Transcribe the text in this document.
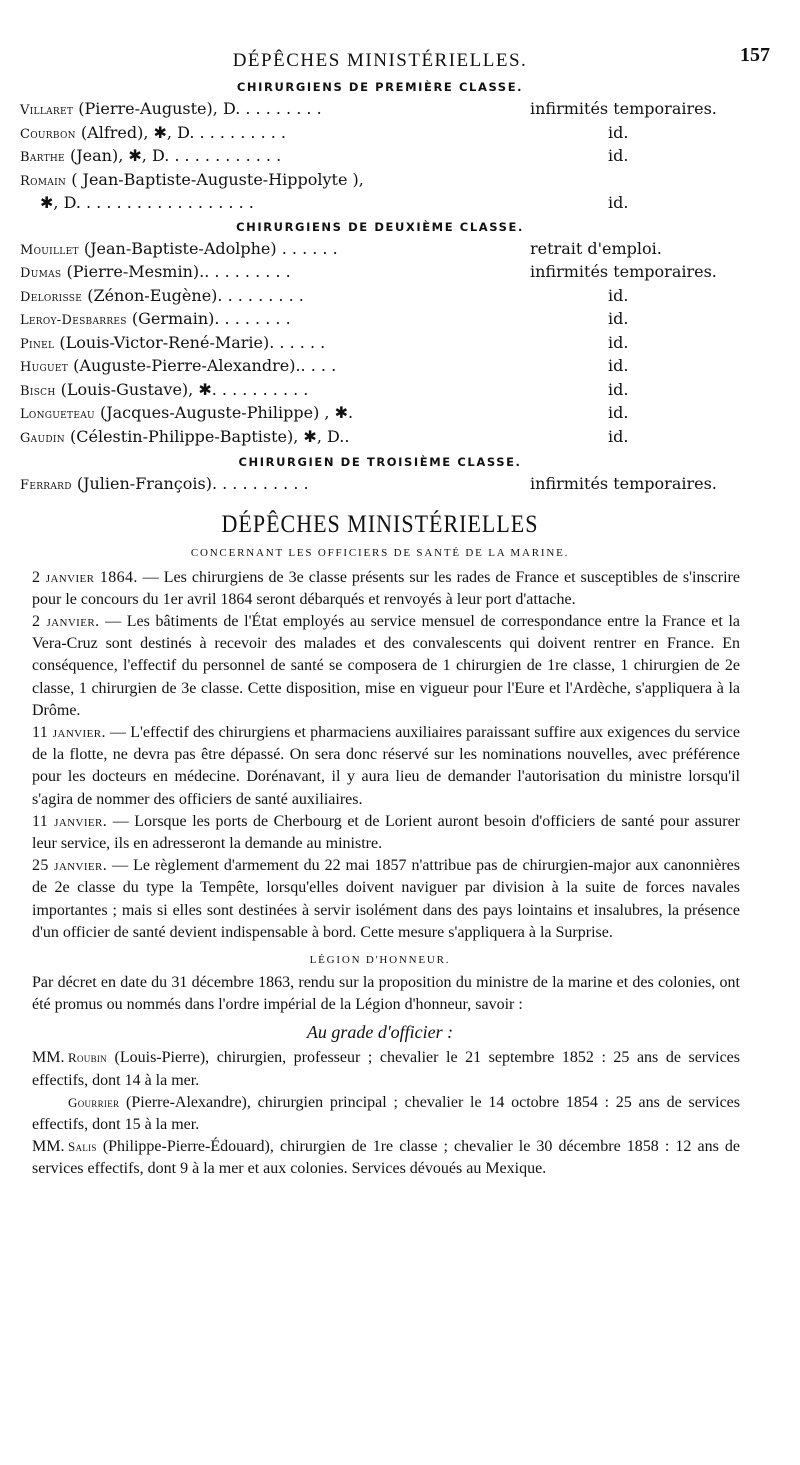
DÉPÊCHES MINISTÉRIELLES.	157
CHIRURGIENS DE PREMIÈRE CLASSE.
Villaret (Pierre-Auguste), D. . . . . . . . .	infirmités temporaires.
Courbon (Alfred), ✱, D. . . . . . . . . .	id.
Barthe (Jean), ✱, D. . . . . . . . . . . .	id.
Romain ( Jean-Baptiste-Auguste-Hippolyte ),
✱, D. . . . . . . . . . . . . . . . . .	id.
CHIRURGIENS DE DEUXIÈME CLASSE.
Mouillet (Jean-Baptiste-Adolphe) . . . . . .	retrait d'emploi.
Dumas (Pierre-Mesmin).. . . . . . . . .	infirmités temporaires.
Delorisse (Zénon-Eugène). . . . . . . . .	id.
Leroy-Desbarres (Germain). . . . . . . .	id.
Pinel (Louis-Victor-René-Marie). . . . . .	id.
Huguet (Auguste-Pierre-Alexandre).. . . .	id.
Bisch (Louis-Gustave), ✱. . . . . . . . . .	id.
Longueteau (Jacques-Auguste-Philippe) , ✱.	id.
Gaudin (Célestin-Philippe-Baptiste), ✱, D..	id.
CHIRURGIEN DE TROISIÈME CLASSE.
Ferrard (Julien-François). . . . . . . . . .	infirmités temporaires.
DÉPÊCHES MINISTÉRIELLES
CONCERNANT LES OFFICIERS DE SANTÉ DE LA MARINE.

2 janvier 1864. — Les chirurgiens de 3e classe présents sur les rades de France et susceptibles de s'inscrire pour le concours du 1er avril 1864 seront débarqués et renvoyés à leur port d'attache.

2 janvier. — Les bâtiments de l'État employés au service mensuel de correspondance entre la France et la Vera-Cruz sont destinés à recevoir des malades et des convalescents qui doivent rentrer en France. En conséquence, l'effectif du personnel de santé se composera de 1 chirurgien de 1re classe, 1 chirurgien de 2e classe, 1 chirurgien de 3e classe. Cette disposition, mise en vigueur pour l'Eure et l'Ardèche, s'appliquera à la Drôme.

11 janvier. — L'effectif des chirurgiens et pharmaciens auxiliaires paraissant suffire aux exigences du service de la flotte, ne devra pas être dépassé. On sera donc réservé sur les nominations nouvelles, avec préférence pour les docteurs en médecine. Dorénavant, il y aura lieu de demander l'autorisation du ministre lorsqu'il s'agira de nommer des officiers de santé auxiliaires.

11 janvier. — Lorsque les ports de Cherbourg et de Lorient auront besoin d'officiers de santé pour assurer leur service, ils en adresseront la demande au ministre.

25 janvier. — Le règlement d'armement du 22 mai 1857 n'attribue pas de chirurgien-major aux canonnières de 2e classe du type la Tempête, lorsqu'elles doivent naviguer par division à la suite de forces navales importantes ; mais si elles sont destinées à servir isolément dans des pays lointains et insalubres, la présence d'un officier de santé devient indispensable à bord. Cette mesure s'appliquera à la Surprise.

LÉGION D'HONNEUR.

Par décret en date du 31 décembre 1863, rendu sur la proposition du ministre de la marine et des colonies, ont été promus ou nommés dans l'ordre impérial de la Légion d'honneur, savoir :

Au grade d'officier :
MM. Roubin (Louis-Pierre), chirurgien, professeur ; chevalier le 21 septembre 1852 : 25 ans de services effectifs, dont 14 à la mer.
Gourrier (Pierre-Alexandre), chirurgien principal ; chevalier le 14 octobre 1854 : 25 ans de services effectifs, dont 15 à la mer.
MM. Salis (Philippe-Pierre-Édouard), chirurgien de 1re classe ; chevalier le 30 décembre 1858 : 12 ans de services effectifs, dont 9 à la mer et aux colonies. Services dévoués au Mexique.
